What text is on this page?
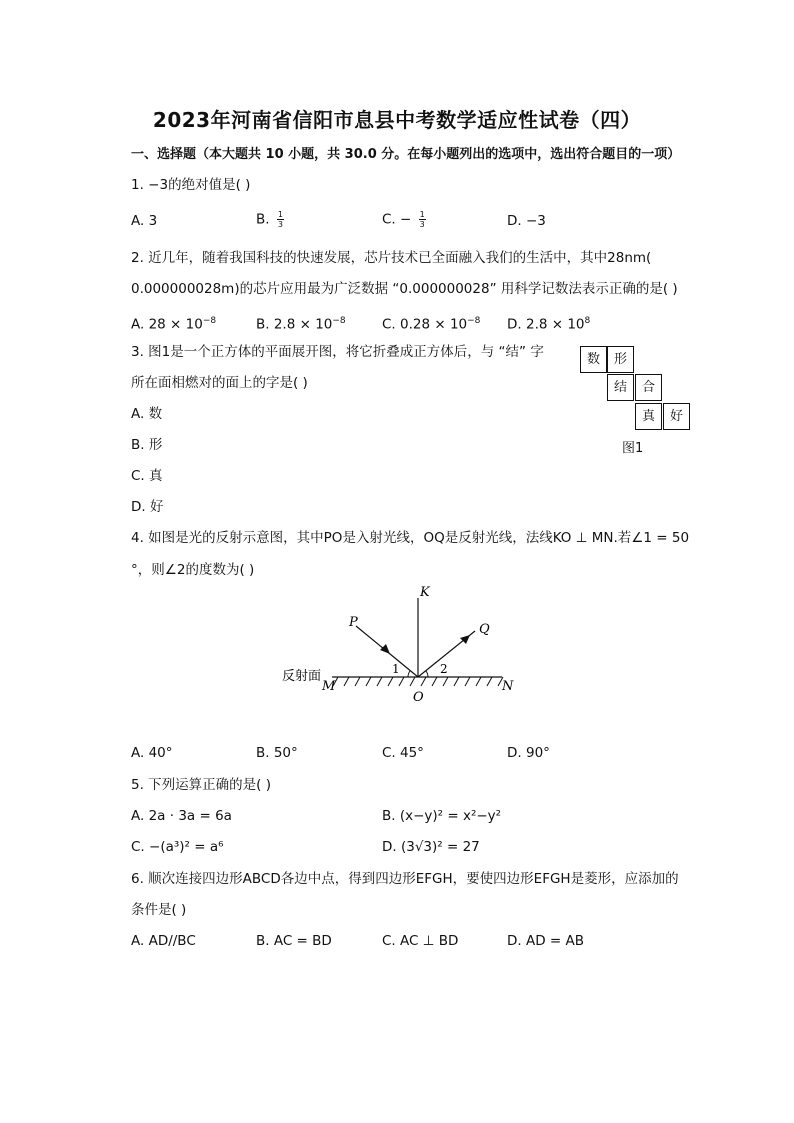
2023年河南省信阳市息县中考数学适应性试卷（四）
一、选择题（本大题共 10 小题，共 30.0 分。在每小题列出的选项中，选出符合题目的一项）
1. −3的绝对值是( )
A. 3	B. $\frac{1}{3}$	C. − $\frac{1}{3}$	D. −3
2. 近几年，随着我国科技的快速发展，芯片技术已全面融入我们的生活中，其中28nm(
0.000000028m)的芯片应用最为广泛数据 “0.000000028” 用科学记数法表示正确的是( )
A. $28 \times 10^{-8}$	B. $2.8 \times 10^{-8}$	C. $0.28 \times 10^{-8}$ D. $2.8 \times 10^8$
3. 图1是一个正方体的平面展开图，将它折叠成正方体后，与 “结” 字
所在面相燃对的面上的字是( )
A. 数
B. 形
C. 真
D. 好
数	形
结	合
真	好
图1
4. 如图是光的反射示意图，其中PO是入射光线，OQ是反射光线，法线KO ⊥ MN.若∠1 = 50
°，则∠2的度数为( )
K
P	Q
M	N
O
1	2
反射面
A. 40°	B. 50°	C. 45°	D. 90°
5. 下列运算正确的是( )
A. 2a · 3a = 6a	B. (x−y)² = x²−y²
C. −(a³)² = a⁶	D. (3√3)² = 27
6. 顺次连接四边形ABCD各边中点，得到四边形EFGH，要使四边形EFGH是菱形，应添加的
条件是( )
A. AD//BC	B. AC = BD	C. AC ⊥ BD	D. AD = AB
